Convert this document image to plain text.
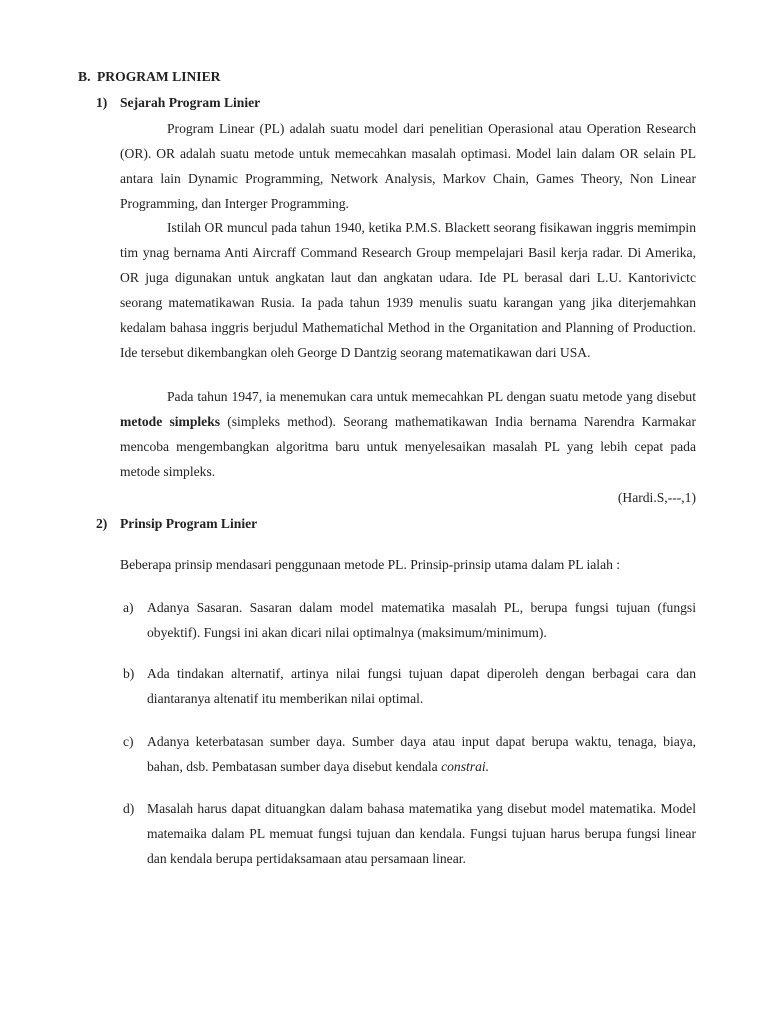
B. PROGRAM LINIER
1) Sejarah Program Linier

Program Linear (PL) adalah suatu model dari penelitian Operasional atau Operation Research (OR). OR adalah suatu metode untuk memecahkan masalah optimasi. Model lain dalam OR selain PL antara lain Dynamic Programming, Network Analysis, Markov Chain, Games Theory, Non Linear Programming, dan Interger Programming.

Istilah OR muncul pada tahun 1940, ketika P.M.S. Blackett seorang fisikawan inggris memimpin tim ynag bernama Anti Aircraff Command Research Group mempelajari Basil kerja radar. Di Amerika, OR juga digunakan untuk angkatan laut dan angkatan udara. Ide PL berasal dari L.U. Kantorivictc seorang matematikawan Rusia. Ia pada tahun 1939 menulis suatu karangan yang jika diterjemahkan kedalam bahasa inggris berjudul Mathematichal Method in the Organitation and Planning of Production. Ide tersebut dikembangkan oleh George D Dantzig seorang matematikawan dari USA.

Pada tahun 1947, ia menemukan cara untuk memecahkan PL dengan suatu metode yang disebut metode simpleks (simpleks method). Seorang mathematikawan India bernama Narendra Karmakar mencoba mengembangkan algoritma baru untuk menyelesaikan masalah PL yang lebih cepat pada metode simpleks.

(Hardi.S,---,1)

2) Prinsip Program Linier

Beberapa prinsip mendasari penggunaan metode PL. Prinsip-prinsip utama dalam PL ialah :

a) Adanya Sasaran. Sasaran dalam model matematika masalah PL, berupa fungsi tujuan (fungsi obyektif). Fungsi ini akan dicari nilai optimalnya (maksimum/minimum).

b) Ada tindakan alternatif, artinya nilai fungsi tujuan dapat diperoleh dengan berbagai cara dan diantaranya altenatif itu memberikan nilai optimal.

c) Adanya keterbatasan sumber daya. Sumber daya atau input dapat berupa waktu, tenaga, biaya, bahan, dsb. Pembatasan sumber daya disebut kendala constrai.

d) Masalah harus dapat dituangkan dalam bahasa matematika yang disebut model matematika. Model matemaika dalam PL memuat fungsi tujuan dan kendala. Fungsi tujuan harus berupa fungsi linear dan kendala berupa pertidaksamaan atau persamaan linear.
